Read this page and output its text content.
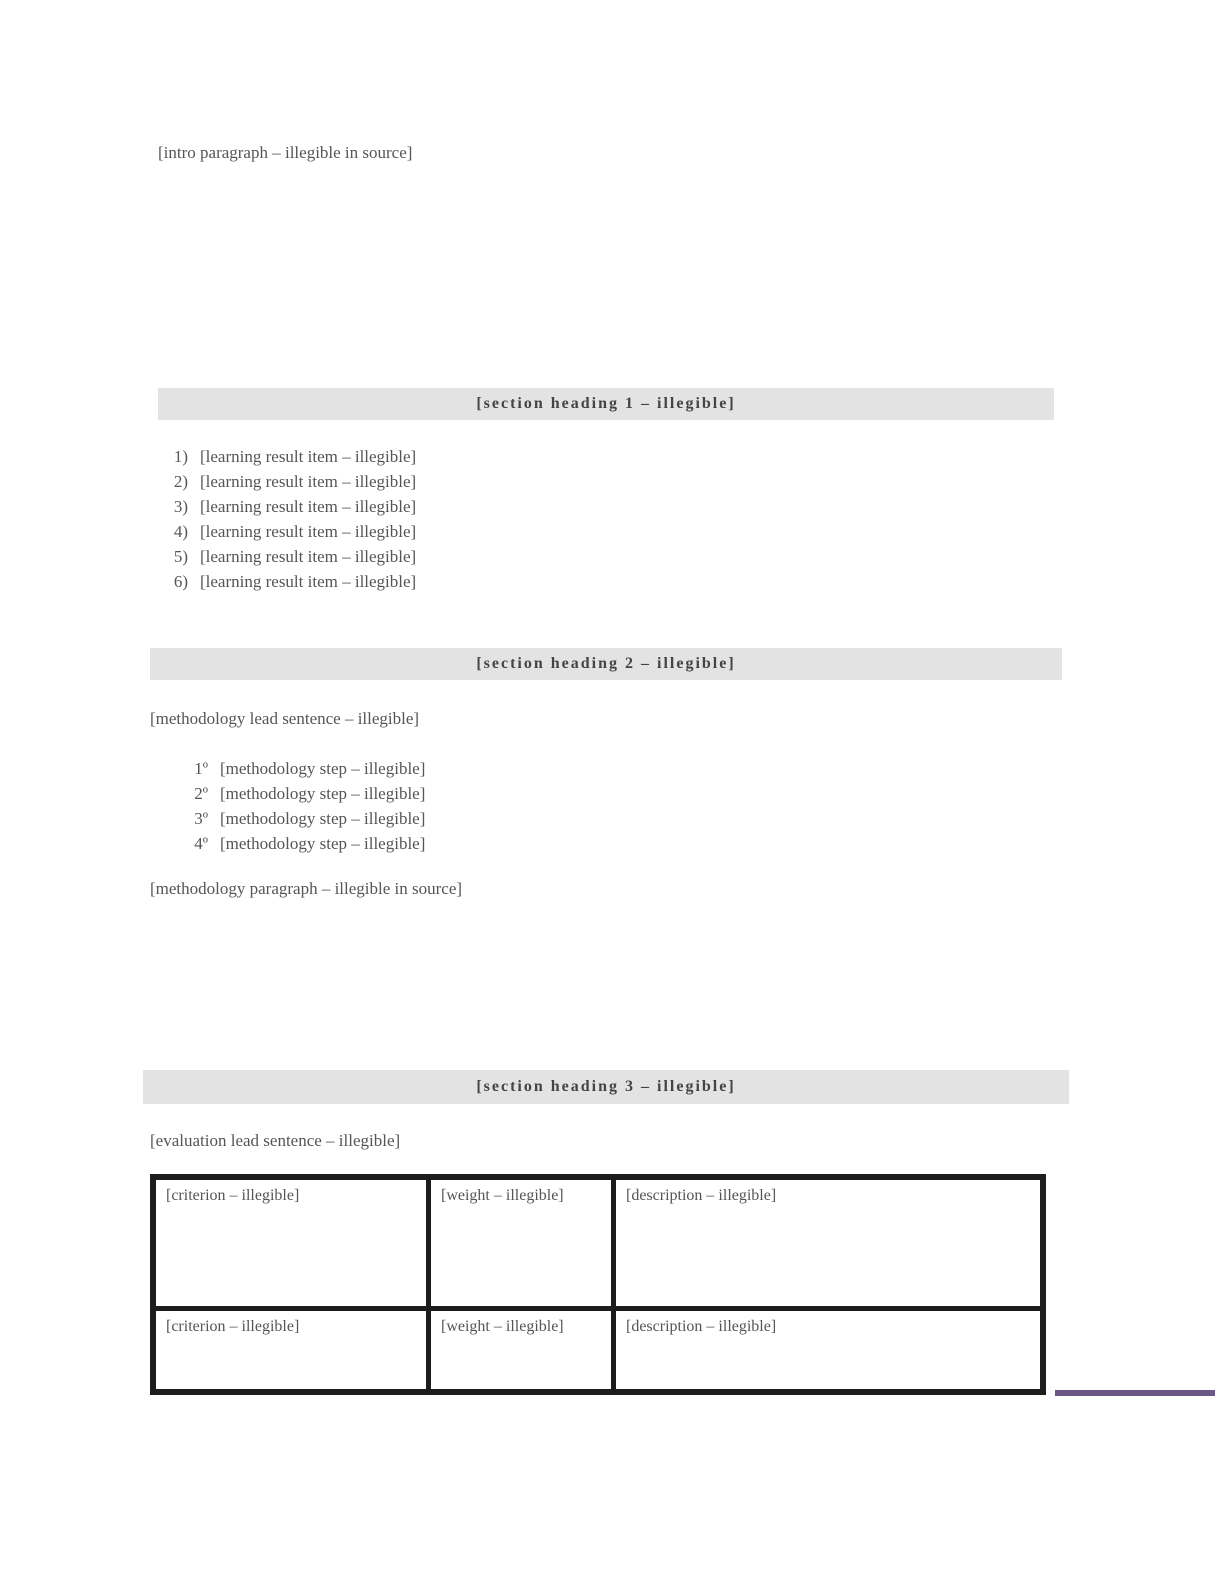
[intro paragraph – illegible in source]

[section heading 1 – illegible]
1) [learning result item – illegible]
2) [learning result item – illegible]
3) [learning result item – illegible]
4) [learning result item – illegible]
5) [learning result item – illegible]
6) [learning result item – illegible]
[section heading 2 – illegible]

[methodology lead sentence – illegible]

1º [methodology step – illegible]
2º [methodology step – illegible]
3º [methodology step – illegible]
4º [methodology step – illegible]

[methodology paragraph – illegible in source]

[section heading 3 – illegible]

[evaluation lead sentence – illegible]

[criterion – illegible]	[weight – illegible]	[description – illegible]
[criterion – illegible]	[weight – illegible]	[description – illegible]
